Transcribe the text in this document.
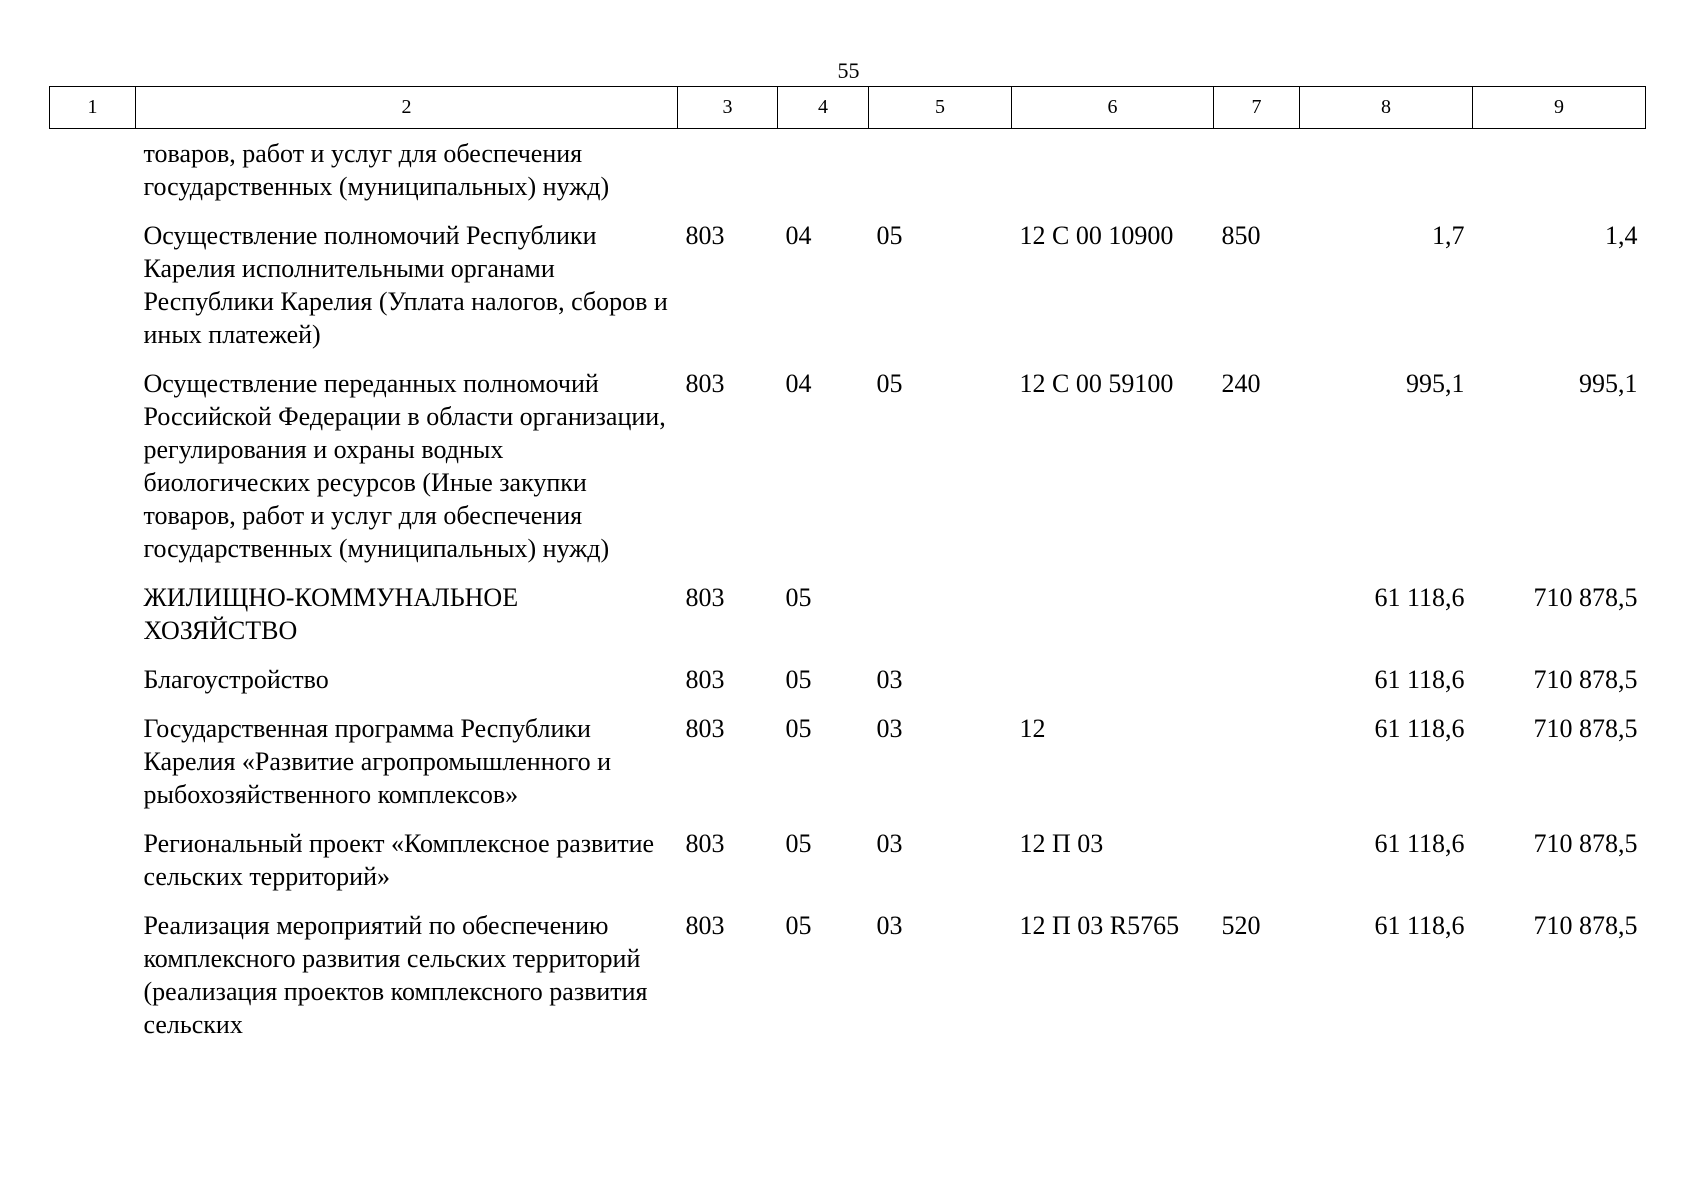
55
1	2	3	4	5	6	7	8	9
	товаров, работ и услуг для обеспечения государственных (муниципальных) нужд)							
	Осуществление полномочий Республики Карелия исполнительными органами Республики Карелия (Уплата налогов, сборов и иных платежей)	803	04	05	12 С 00 10900	850	1,7	1,4
	Осуществление переданных полномочий Российской Федерации в области организации, регулирования и охраны водных биологических ресурсов (Иные закупки товаров, работ и услуг для обеспечения государственных (муниципальных) нужд)	803	04	05	12 С 00 59100	240	995,1	995,1
	ЖИЛИЩНО-КОММУНАЛЬНОЕ ХОЗЯЙСТВО	803	05				61 118,6	710 878,5
	Благоустройство	803	05	03			61 118,6	710 878,5
	Государственная программа Республики Карелия «Развитие агропромышленного и рыбохозяйственного комплексов»	803	05	03	12		61 118,6	710 878,5
	Региональный проект «Комплексное развитие сельских территорий»	803	05	03	12 П 03		61 118,6	710 878,5
	Реализация мероприятий по обеспечению комплексного развития сельских территорий (реализация проектов комплексного развития сельских	803	05	03	12 П 03 R5765	520	61 118,6	710 878,5
